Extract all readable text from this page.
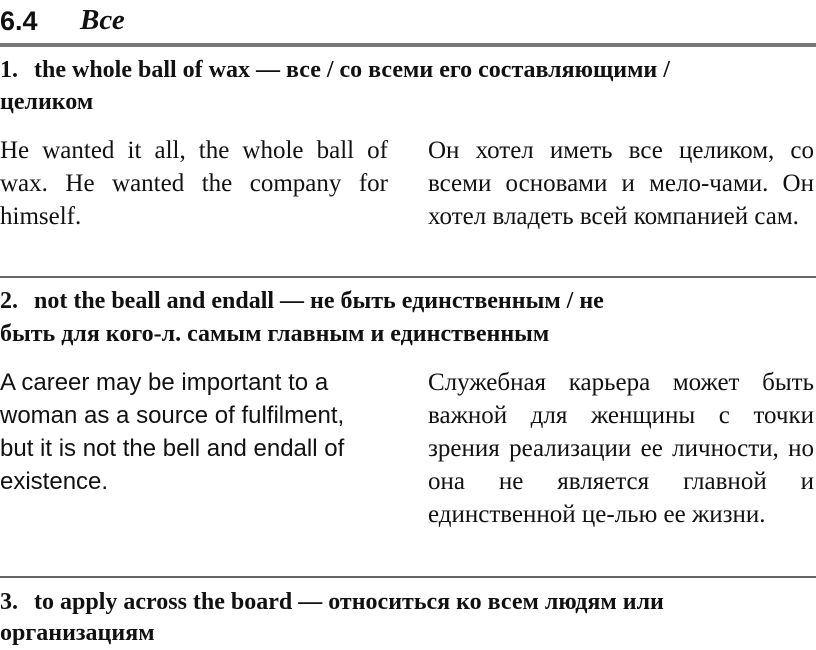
6.4 Все
1. the whole ball of wax — все / со всеми его составляющими /
целиком
He wanted it all, the whole ball of wax. He wanted the company for himself.
Он хотел иметь все целиком, со всеми основами и мело-чами. Он хотел владеть всей компанией сам.
2. not the beall and endall — не быть единственным / не
быть для кого-л. самым главным и единственным
A career may be important to a
woman as a source of fulfilment,
but it is not the bell and endall of
existence.
Служебная карьера может быть важной для женщины с точки зрения реализации ее личности, но она не является главной и единственной це-лью ее жизни.
3. to apply across the board — относиться ко всем людям или
организациям
